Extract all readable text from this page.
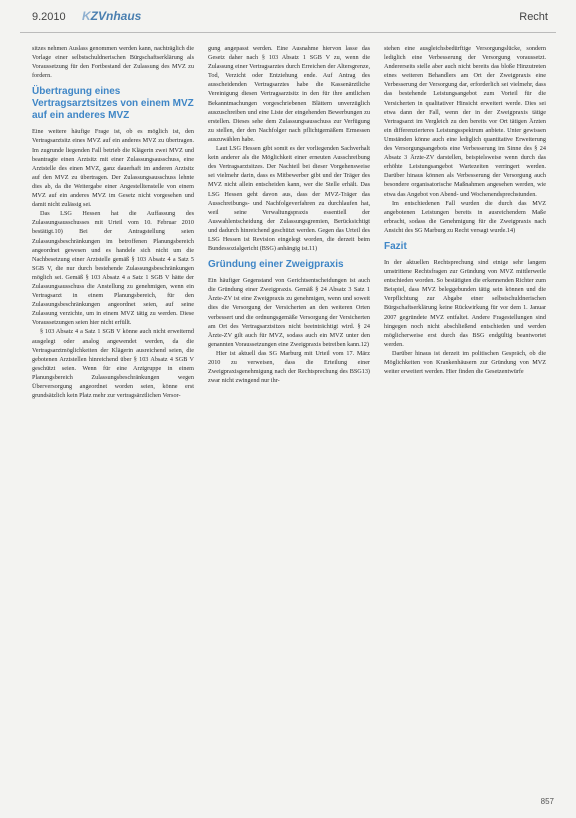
9.2010 KZVnhaus	Recht

sitzes nehmen Auslass genommen werden kann, nachträglich die Vorlage einer selbstschuldnerischen Bürgschaftserklärung als Voraussetzung für den Fortbestand der Zulassung des MVZ zu fordern.

Übertragung eines Vertragsarztsitzes von einem MVZ auf ein anderes MVZ

Eine weitere häufige Frage ist, ob es möglich ist, den Vertragsarztsitz eines MVZ auf ein anderes MVZ zu übertragen. Im zugrunde liegenden Fall betrieb die Klägerin zwei MVZ und beantragte einen Arztsitz mit einer Zulassungsausschuss, eine Arztstelle des einen MVZ, ganz dauerhaft im anderen Arztsitz auf den MVZ zu übertragen. Der Zulassungsausschuss lehnte dies ab, da die Weitergabe einer Angestelltenstelle von einem MVZ auf ein anderes MVZ im Gesetz nicht vorgesehen und damit nicht zulässig sei.

Das LSG Hessen hat die Auffassung des Zulassungsausschusses mit Urteil vom 10. Februar 2010 bestätigt.10) Bei der Antragstellung seien Zulassungsbeschränkungen im betroffenen Planungsbereich angeordnet gewesen und es handele sich nicht um die Nachbesetzung einer Arztstelle gemäß § 103 Absatz 4 a Satz 5 SGB V, die nur durch bestehende Zulassungsbeschränkungen möglich sei. Gemäß § 103 Absatz 4 a Satz 1 SGB V hätte der Zulassungsausschuss die Anstellung zu genehmigen, wenn ein Vertragsarzt in einem Planungsbereich, für den Zulassungsbeschränkungen angeordnet seien, auf seine Zulassung verzichte, um in einem MVZ tätig zu werden. Diese Voraussetzungen seien hier nicht erfüllt.

§ 103 Absatz 4 a Satz 1 SGB V könne auch nicht erweiternd ausgelegt oder analog angewendet werden, da die Vertragsarztmöglichkeiten der Klägerin ausreichend seien, die gebotenen Arztstellen hinreichend über § 103 Absatz 4 SGB V geschützt seien. Wenn für eine Arztgruppe in einem Planungsbereich Zulassungsbeschränkungen wegen Überversorgung angeordnet worden seien, könne erst grundsätzlich kein Platz mehr zur vertragsärztlichen Versor-

gung angepasst werden. Eine Ausnahme hiervon lasse das Gesetz daher nach § 103 Absatz 1 SGB V zu, wenn die Zulassung einer Vertragsarztes durch Erreichen der Altersgrenze, Tod, Verzicht oder Entziehung ende. Auf Antrag des ausscheidenden Vertragsarztes habe die Kassenärztliche Vereinigung diesen Vertragsarztsitz in den für ihre amtlichen Bekanntmachungen vorgeschriebenen Blättern unverzüglich auszuschreiben und eine Liste der eingehenden Bewerbungen zu erstellen. Dieses sehe dem Zulassungsausschuss zur Verfügung zu stellen, der den Nachfolger nach pflichtgemäßem Ermessen auszuwählen habe.

Laut LSG Hessen gibt somit es der vorliegenden Sachverhalt kein anderer als die Möglichkeit einer erneuten Ausschreibung des Vertragsarztsitzes. Der Nachteil bei dieser Vorgehensweise sei vielmehr darin, dass es Mitbewerber gibt und der Träger des MVZ nicht allein entscheiden kann, wer die Stelle erhält. Das LSG Hessen geht davon aus, dass der MVZ-Träger das Ausschreibungs- und Nachfolgeverfahren zu durchlaufen hat, weil seine Verwaltungspraxis essentiell der Auswahlentscheidung der Zulassungsgremien, Berücksichtigt und dadurch hinreichend geschützt werden. Gegen das Urteil des LSG Hessen ist Revision eingelegt worden, die derzeit beim Bundessozialgericht (BSG) anhängig ist.11)

Gründung einer Zweigpraxis

Ein häufiger Gegenstand von Gerichtsentscheidungen ist auch die Gründung einer Zweigpraxis. Gemäß § 24 Absatz 3 Satz 1 Ärzte-ZV ist eine Zweigpraxis zu genehmigen, wenn und soweit dies die Versorgung der Versicherten an den weiteren Orten verbessert und die ordnungsgemäße Versorgung der Versicherten am Ort des Vertragsarztsitzes nicht beeinträchtigt wird. § 24 Ärzte-ZV gilt auch für MVZ, sodass auch ein MVZ unter den genannten Voraussetzungen eine Zweigpraxis betreiben kann.12)

Hier ist aktuell das SG Marburg mit Urteil vom 17. März 2010 zu verweisen, dass die Erteilung einer Zweigpraxisgenehmigung nach der Rechtsprechung des BSG13) zwar nicht zwingend nur ihr-

stehen eine ausgleichsbedürftige Versorgungslücke, sondern lediglich eine Verbesserung der Versorgung voraussetzt. Andererseits stelle aber auch nicht bereits das bloße Hinzutreten eines weiteren Behandlers am Ort der Zweigpraxis eine Verbesserung der Versorgung dar, erforderlich sei vielmehr, dass das bestehende Leistungsangebot zum Vorteil für die Versicherten in qualitativer Hinsicht erweitert werde. Dies sei etwa dann der Fall, wenn der in der Zweigpraxis tätige Vertragsarzt im Vergleich zu den bereits vor Ort tätigen Ärzten ein differenzierteres Leistungsspektrum anbiete. Unter gewissen Umständen könne auch eine lediglich quantitative Erweiterung des Versorgungsangebots eine Verbesserung im Sinne des § 24 Absatz 3 Ärzte-ZV darstellen, beispielsweise wenn durch das erhöhte Leistungsangebot Wartezeiten verringert werden. Darüber hinaus können als Verbesserung der Versorgung auch besondere organisatorische Maßnahmen angesehen werden, wie etwa das Angebot von Abend- und Wochenendsprechstunden.

Im entschiedenen Fall wurden die durch das MVZ angebotenen Leistungen bereits in ausreichendem Maße erbracht, sodass die Genehmigung für die Zweigpraxis nach Ansicht des SG Marburg zu Recht versagt wurde.14)

Fazit

In der aktuellen Rechtsprechung sind einige sehr langem umstrittene Rechtsfragen zur Gründung von MVZ mittlerweile entschieden worden. So bestätigten die erkennenden Richter zum Beispiel, dass MVZ beleggebunden tätig sein können und die Verpflichtung zur Abgabe einer selbstschuldnerischen Bürgschaftserklärung keine Rückwirkung für vor dem 1. Januar 2007 gegründete MVZ entfaltet. Andere Fragestellungen sind hingegen noch nicht abschließend entschieden und werden möglicherweise erst durch das BSG endgültig beantwortet werden.

Darüber hinaus ist derzeit im politischen Gespräch, ob die Möglichkeiten von Krankenhäusern zur Gründung von MVZ weiter erweitert werden. Hier finden die Gesetzentwürfe

857
